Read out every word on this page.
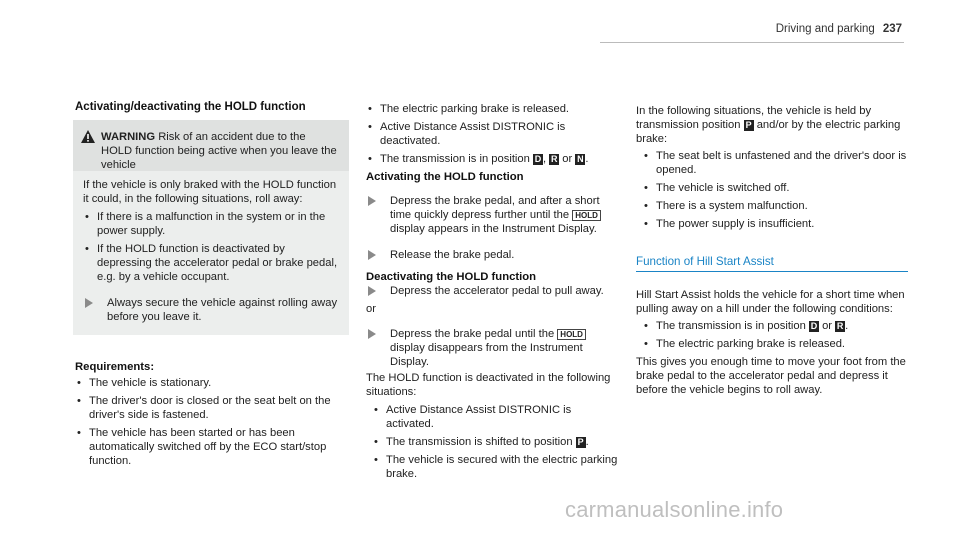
Driving and parking 237
Activating/deactivating the HOLD function
WARNING Risk of an accident due to the HOLD function being active when you leave the vehicle

If the vehicle is only braked with the HOLD function it could, in the following situations, roll away:

• If there is a malfunction in the system or in the power supply.
• If the HOLD function is deactivated by depressing the accelerator pedal or brake pedal, e.g. by a vehicle occupant.
Always secure the vehicle against rolling away before you leave it.
Requirements:
• The vehicle is stationary.
• The driver's door is closed or the seat belt on the driver's side is fastened.
• The vehicle has been started or has been automatically switched off by the ECO start/stop function.
• The electric parking brake is released.
• Active Distance Assist DISTRONIC is deactivated.
• The transmission is in position D , R or N .
Activating the HOLD function
Depress the brake pedal, and after a short time quickly depress further until the HOLD display appears in the Instrument Display.
Release the brake pedal.
Deactivating the HOLD function
Depress the accelerator pedal to pull away.

or

Depress the brake pedal until the HOLD display disappears from the Instrument Display.

The HOLD function is deactivated in the following situations:

• Active Distance Assist DISTRONIC is activated.
• The transmission is shifted to position P .
• The vehicle is secured with the electric parking brake.

In the following situations, the vehicle is held by transmission position P and/or by the electric parking brake:

• The seat belt is unfastened and the driver's door is opened.
• The vehicle is switched off.
• There is a system malfunction.
• The power supply is insufficient.
Function of Hill Start Assist

Hill Start Assist holds the vehicle for a short time when pulling away on a hill under the following conditions:

• The transmission is in position D or R .
• The electric parking brake is released.

This gives you enough time to move your foot from the brake pedal to the accelerator pedal and depress it before the vehicle begins to roll away.

carmanualsonline.info
